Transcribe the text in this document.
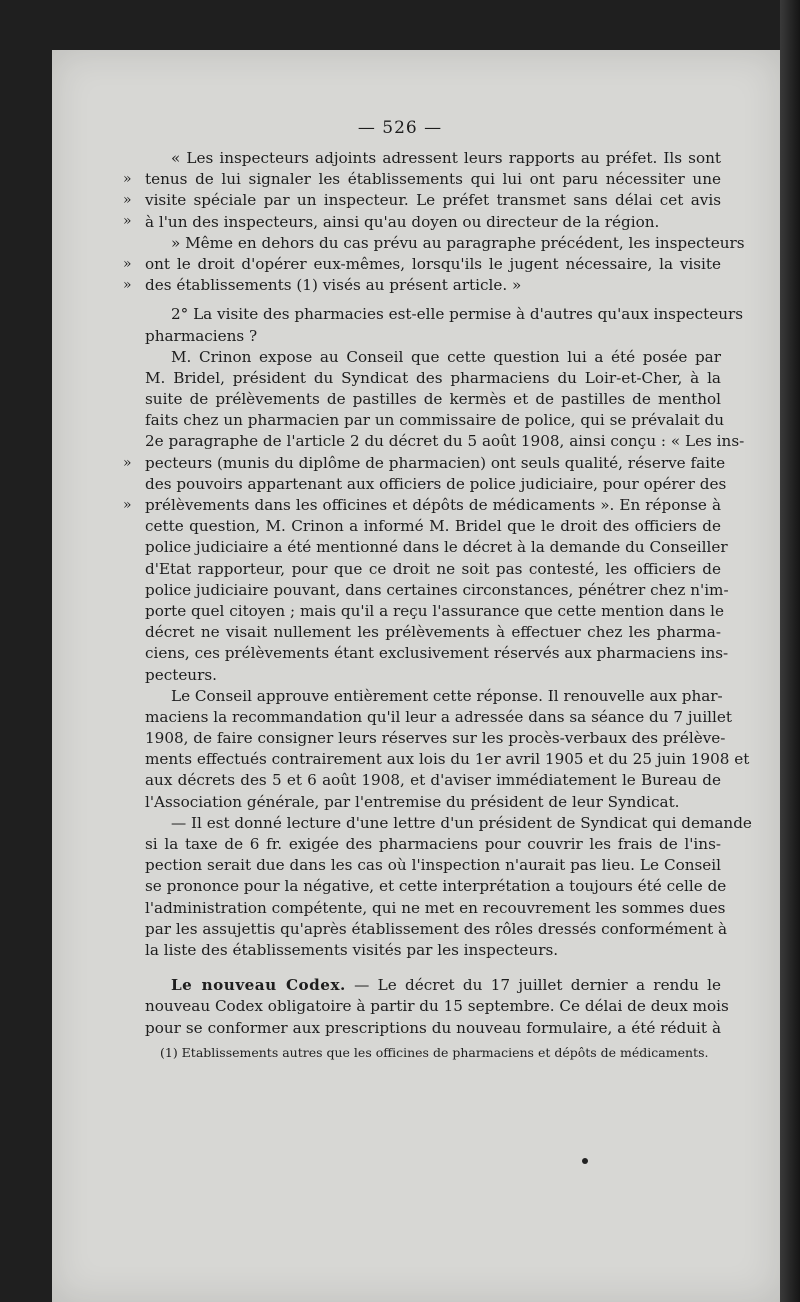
— 526 —
« Les inspecteurs adjoints adressent leurs rapports au préfet. Ils sont
» tenus de lui signaler les établissements qui lui ont paru nécessiter une
» visite spéciale par un inspecteur. Le préfet transmet sans délai cet avis
» à l'un des inspecteurs, ainsi qu'au doyen ou directeur de la région.
» Même en dehors du cas prévu au paragraphe précédent, les inspecteurs
» ont le droit d'opérer eux-mêmes, lorsqu'ils le jugent nécessaire, la visite
» des établissements (1) visés au présent article. »
2° La visite des pharmacies est-elle permise à d'autres qu'aux inspecteurs
pharmaciens ?
M. Crinon expose au Conseil que cette question lui a été posée par
M. Bridel, président du Syndicat des pharmaciens du Loir-et-Cher, à la
suite de prélèvements de pastilles de kermès et de pastilles de menthol
faits chez un pharmacien par un commissaire de police, qui se prévalait du
2e paragraphe de l'article 2 du décret du 5 août 1908, ainsi conçu : « Les ins-
» pecteurs (munis du diplôme de pharmacien) ont seuls qualité, réserve faite
des pouvoirs appartenant aux officiers de police judiciaire, pour opérer des
» prélèvements dans les officines et dépôts de médicaments ». En réponse à
cette question, M. Crinon a informé M. Bridel que le droit des officiers de
police judiciaire a été mentionné dans le décret à la demande du Conseiller
d'Etat rapporteur, pour que ce droit ne soit pas contesté, les officiers de
police judiciaire pouvant, dans certaines circonstances, pénétrer chez n'im-
porte quel citoyen ; mais qu'il a reçu l'assurance que cette mention dans le
décret ne visait nullement les prélèvements à effectuer chez les pharma-
ciens, ces prélèvements étant exclusivement réservés aux pharmaciens ins-
pecteurs.
Le Conseil approuve entièrement cette réponse. Il renouvelle aux phar-
maciens la recommandation qu'il leur a adressée dans sa séance du 7 juillet
1908, de faire consigner leurs réserves sur les procès-verbaux des prélève-
ments effectués contrairement aux lois du 1er avril 1905 et du 25 juin 1908 et
aux décrets des 5 et 6 août 1908, et d'aviser immédiatement le Bureau de
l'Association générale, par l'entremise du président de leur Syndicat.
— Il est donné lecture d'une lettre d'un président de Syndicat qui demande
si la taxe de 6 fr. exigée des pharmaciens pour couvrir les frais de l'ins-
pection serait due dans les cas où l'inspection n'aurait pas lieu. Le Conseil
se prononce pour la négative, et cette interprétation a toujours été celle de
l'administration compétente, qui ne met en recouvrement les sommes dues
par les assujettis qu'après établissement des rôles dressés conformément à
la liste des établissements visités par les inspecteurs.
Le nouveau Codex. — Le décret du 17 juillet dernier a rendu le
nouveau Codex obligatoire à partir du 15 septembre. Ce délai de deux mois
pour se conformer aux prescriptions du nouveau formulaire, a été réduit à
(1) Etablissements autres que les officines de pharmaciens et dépôts de médicaments.
